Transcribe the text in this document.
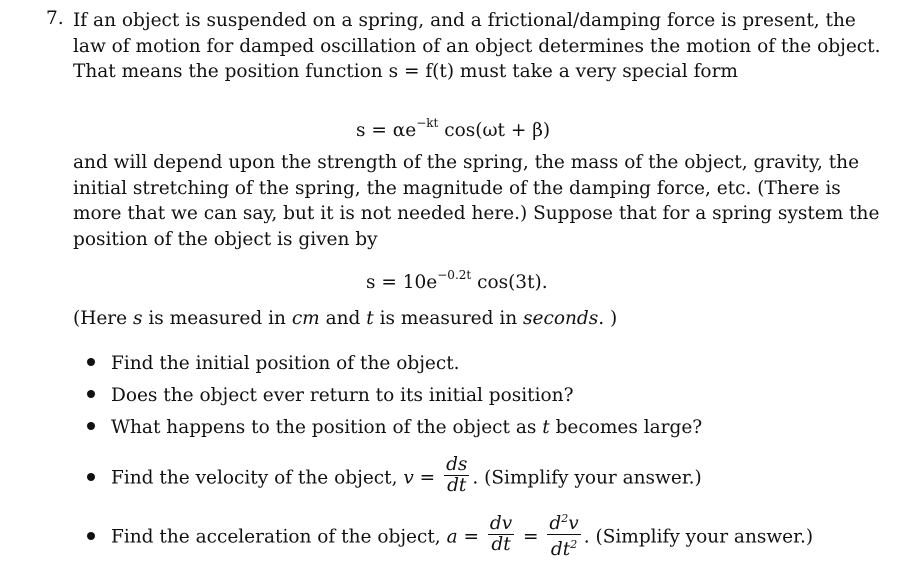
7. If an object is suspended on a spring, and a frictional/damping force is present, the
law of motion for damped oscillation of an object determines the motion of the object.
That means the position function s = f(t) must take a very special form
$s = \alpha e^{-kt}$ cos(ωt + β)
and will depend upon the strength of the spring, the mass of the object, gravity, the
initial stretching of the spring, the magnitude of the damping force, etc. (There is
more that we can say, but it is not needed here.) Suppose that for a spring system the
position of the object is given by
$s = 10e^{-0.2t}$ cos(3t).
(Here s is measured in cm and t is measured in seconds. )
Find the initial position of the object.
Does the object ever return to its initial position?
What happens to the position of the object as t becomes large?
Find the velocity of the object, $v = \frac{ds}{dt}$ . (Simplify your answer.)
Find the acceleration of the object, $a = \frac{dv}{dt} = \frac{d^2v}{dt^2}$ . (Simplify your answer.)
